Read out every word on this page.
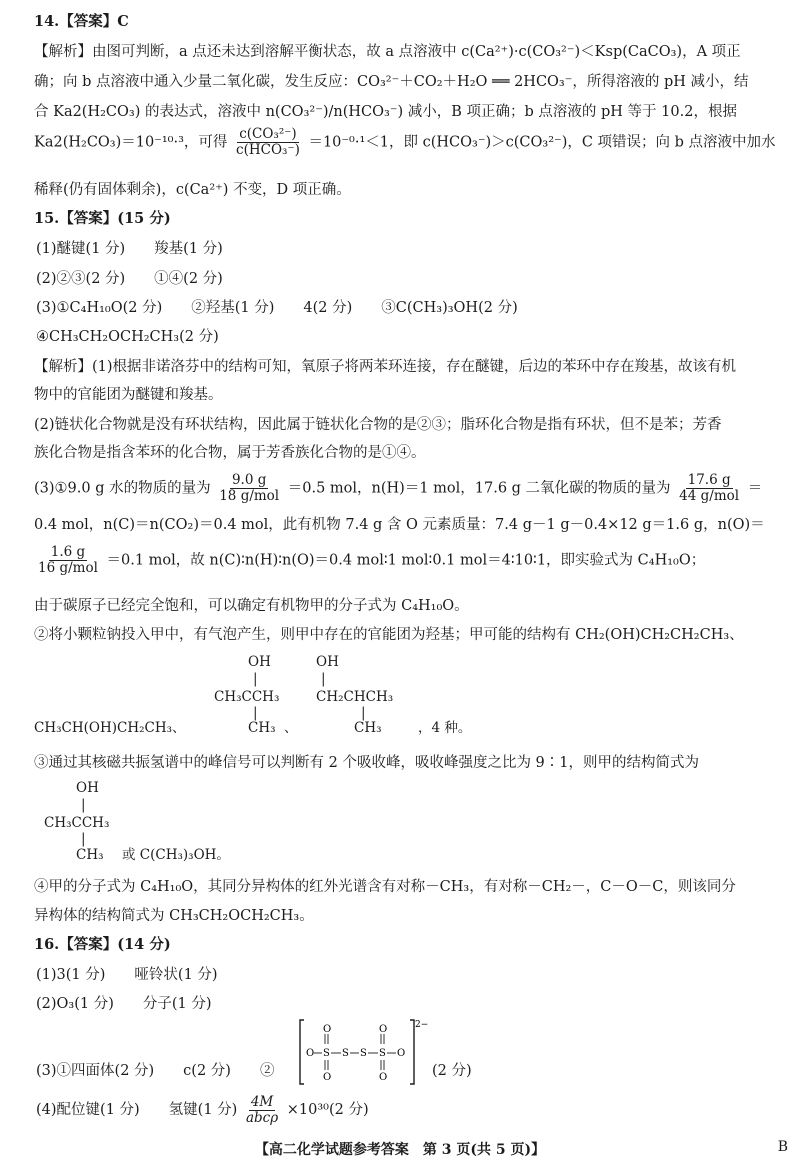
14.【答案】C
【解析】由图可判断，a 点还未达到溶解平衡状态，故 a 点溶液中 c(Ca²⁺)·c(CO₃²⁻)＜Ksp(CaCO₃)，A 项正
确；向 b 点溶液中通入少量二氧化碳，发生反应：CO₃²⁻＋CO₂＋H₂O ══ 2HCO₃⁻，所得溶液的 pH 减小，结
合 Ka2(H₂CO₃) 的表达式，溶液中 n(CO₃²⁻)/n(HCO₃⁻) 减小，B 项正确；b 点溶液的 pH 等于 10.2，根据
Ka2(H₂CO₃)＝10⁻¹⁰·³，可得 $\frac{\text{c(CO₃²⁻)}}{\text{c(HCO₃⁻)}} =10^{-0}\cdot^1<1$，即 c(HCO₃⁻)＞c(CO₃²⁻)，C 项错误；向 b 点溶液中加水
稀释(仍有固体剩余)，c(Ca²⁺) 不变，D 项正确。
15.【答案】(15 分)
(1)醚键(1 分)　　羧基(1 分)
(2)②③(2 分)　　①④(2 分)
(3)①C₄H₁₀O(2 分)　　②羟基(1 分)　　4(2 分)　　③C(CH₃)₃OH(2 分)
④CH₃CH₂OCH₂CH₃(2 分)
【解析】(1)根据非诺洛芬中的结构可知，氧原子将两苯环连接，存在醚键，后边的苯环中存在羧基，故该有机
物中的官能团为醚键和羧基。
(2)链状化合物就是没有环状结构，因此属于链状化合物的是②③；脂环化合物是指有环状，但不是苯；芳香
族化合物是指含苯环的化合物，属于芳香族化合物的是①④。
(3)①9.0 g 水的物质的量为 $\frac{9.0 g}{\text{18 g/mol}} =0.5$ mol，n(H)＝1 mol，17.6 g 二氧化碳的物质的量为 $\frac{17.6 g}{\text{44 g/mol}}$ ＝
0.4 mol，n(C)＝n(CO₂)＝0.4 mol，此有机物 7.4 g 含 O 元素质量：7.4 g－1 g－0.4×12 g＝1.6 g，n(O)＝
$\frac{1.6 g}{\text{16 g/mol}} =0.1$ mol，故 n(C)∶n(H)∶n(O)＝0.4 mol∶1 mol∶0.1 mol＝4∶10∶1，即实验式为 C₄H₁₀O；
由于碳原子已经完全饱和，可以确定有机物甲的分子式为 C₄H₁₀O。
②将小颗粒钠投入甲中，有气泡产生，则甲中存在的官能团为羟基；甲可能的结构有 CH₂(OH)CH₂CH₂CH₃、
CH₃CH(OH)CH₂CH₃、
OH
|
CH₃CCH₃
|
CH₃ 、
OH
|
CH₂CHCH₃
|
CH₃	，4 种。
③通过其核磁共振氢谱中的峰信号可以判断有 2 个吸收峰，吸收峰强度之比为 9∶1，则甲的结构简式为
OH
|
CH₃CCH₃
|
CH₃ 或 C(CH₃)₃OH。
④甲的分子式为 C₄H₁₀O，其同分异构体的红外光谱含有对称－CH₃，有对称－CH₂－，C－O－C，则该同分
异构体的结构简式为 CH₃CH₂OCH₂CH₃。
16.【答案】(14 分)
(1)3(1 分)　　哑铃状(1 分)
(2)O₃(1 分)　　分子(1 分)
(3)①四面体(2 分)　　c(2 分)　　②
2−
O	O
O S S S S O
O	O	(2 分)
(4)配位键(1 分)　　氢键(1 分) $\frac{4M}{\text{abcρ}} \times 10^{30}(2$ 分)
【高二化学试题参考答案　第 3 页(共 5 页)】	B
